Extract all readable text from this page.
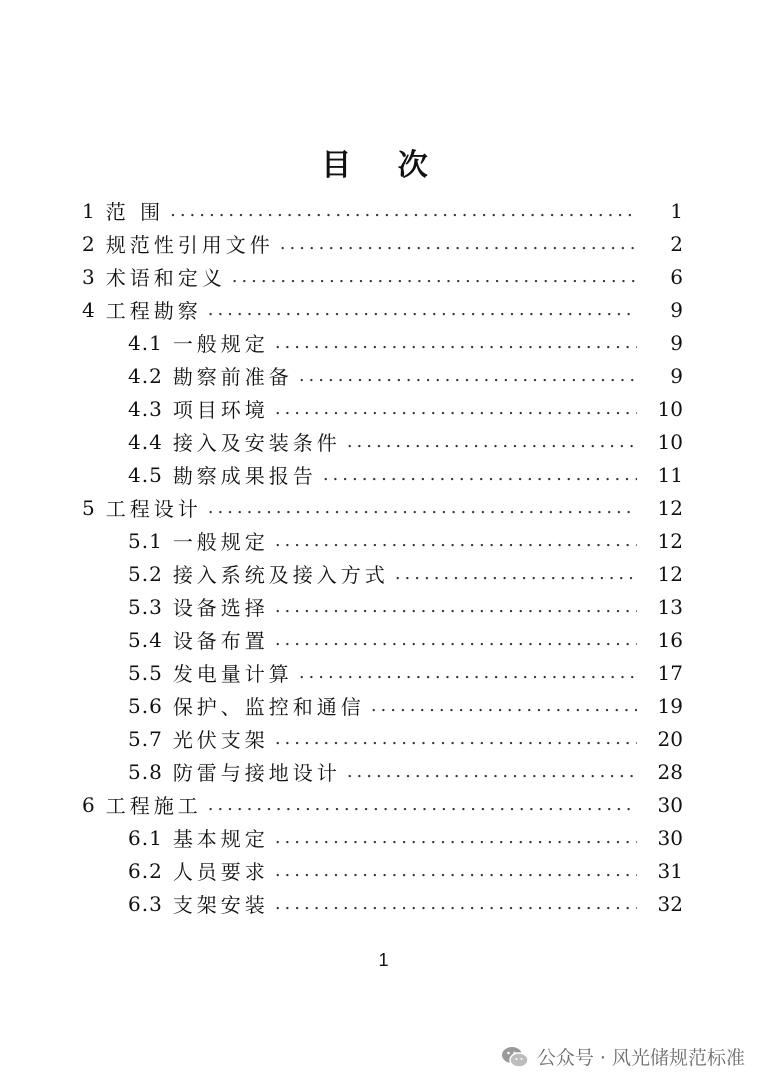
目 次
1 范 围 .....	1
2 规范性引用文件 .....	2
3 术语和定义 .....	6
4 工程勘察 .....	9
4.1 一般规定 .....	9
4.2 勘察前准备 .....	9
4.3 项目环境 .....	10
4.4 接入及安装条件 .....	10
4.5 勘察成果报告 .....	11
5 工程设计 .....	12
5.1 一般规定 .....	12
5.2 接入系统及接入方式 .....	12
5.3 设备选择 .....	13
5.4 设备布置 .....	16
5.5 发电量计算 .....	17
5.6 保护、监控和通信 .....	19
5.7 光伏支架 .....	20
5.8 防雷与接地设计 .....	28
6 工程施工 .....	30
6.1 基本规定 .....	30
6.2 人员要求 .....	31
6.3 支架安装 .....	32
1
公众号 · 风光储规范标准
